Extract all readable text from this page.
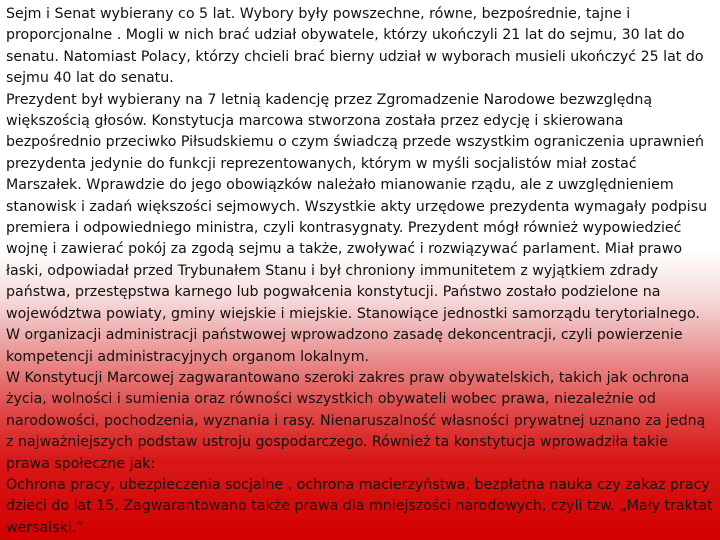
Sejm i Senat wybierany co 5 lat. Wybory były powszechne, równe, bezpośrednie, tajne i proporcjonalne . Mogli w nich brać udział obywatele, którzy ukończyli 21 lat do sejmu, 30 lat do senatu. Natomiast Polacy, którzy chcieli brać bierny udział w wyborach musieli ukończyć 25 lat do sejmu 40 lat do senatu.

Prezydent był wybierany na 7 letnią kadencję przez Zgromadzenie Narodowe bezwzględną większością głosów. Konstytucja marcowa stworzona została przez edycję i skierowana bezpośrednio przeciwko Piłsudskiemu o czym świadczą przede wszystkim ograniczenia uprawnień prezydenta jedynie do funkcji reprezentowanych, którym w myśli socjalistów miał zostać Marszałek. Wprawdzie do jego obowiązków należało mianowanie rządu, ale z uwzględnieniem stanowisk i zadań większości sejmowych. Wszystkie akty urzędowe prezydenta wymagały podpisu premiera i odpowiedniego ministra, czyli kontrasygnaty. Prezydent mógł również wypowiedzieć wojnę i zawierać pokój za zgodą sejmu a także, zwoływać i rozwiązywać parlament. Miał prawo łaski, odpowiadał przed Trybunałem Stanu i był chroniony immunitetem z wyjątkiem zdrady państwa, przestępstwa karnego lub pogwałcenia konstytucji. Państwo zostało podzielone na województwa powiaty, gminy wiejskie i miejskie. Stanowiące jednostki samorządu terytorialnego. W organizacji administracji państwowej wprowadzono zasadę dekoncentracji, czyli powierzenie kompetencji administracyjnych organom lokalnym.

W Konstytucji Marcowej zagwarantowano szeroki zakres praw obywatelskich, takich jak ochrona życia, wolności i sumienia oraz równości wszystkich obywateli wobec prawa, niezależnie od narodowości, pochodzenia, wyznania i rasy. Nienaruszalność własności prywatnej uznano za jedną z najważniejszych podstaw ustroju gospodarczego. Również ta konstytucja wprowadziła takie prawa społeczne jak:

Ochrona pracy, ubezpieczenia socjalne , ochrona macierzyństwa, bezpłatna nauka czy zakaz pracy dzieci do lat 15. Zagwarantowano także prawa dla mniejszości narodowych, czyli tzw. „Mały traktat wersalski.”
